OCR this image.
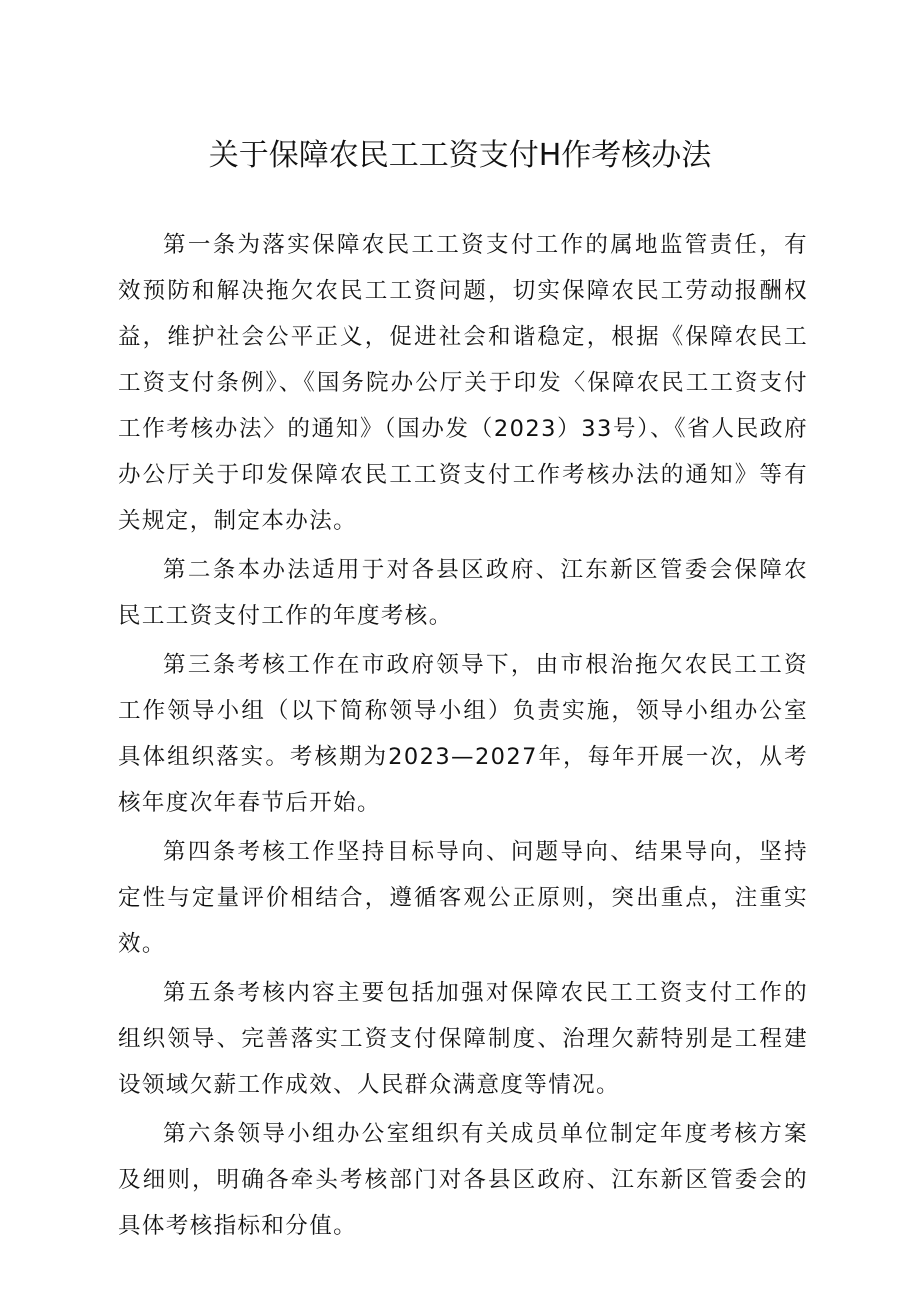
关于保障农民工工资支付H作考核办法

第一条为落实保障农民工工资支付工作的属地监管责任，有效预防和解决拖欠农民工工资问题，切实保障农民工劳动报酬权益，维护社会公平正义，促进社会和谐稳定，根据《保障农民工工资支付条例》、《国务院办公厅关于印发〈保障农民工工资支付工作考核办法〉的通知》（国办发（2023）33号）、《省人民政府办公厅关于印发保障农民工工资支付工作考核办法的通知》等有关规定，制定本办法。

第二条本办法适用于对各县区政府、江东新区管委会保障农民工工资支付工作的年度考核。

第三条考核工作在市政府领导下，由市根治拖欠农民工工资工作领导小组（以下简称领导小组）负责实施，领导小组办公室具体组织落实。考核期为2023—2027年，每年开展一次，从考核年度次年春节后开始。

第四条考核工作坚持目标导向、问题导向、结果导向，坚持定性与定量评价相结合，遵循客观公正原则，突出重点，注重实效。

第五条考核内容主要包括加强对保障农民工工资支付工作的组织领导、完善落实工资支付保障制度、治理欠薪特别是工程建设领域欠薪工作成效、人民群众满意度等情况。

第六条领导小组办公室组织有关成员单位制定年度考核方案及细则，明确各牵头考核部门对各县区政府、江东新区管委会的具体考核指标和分值。
